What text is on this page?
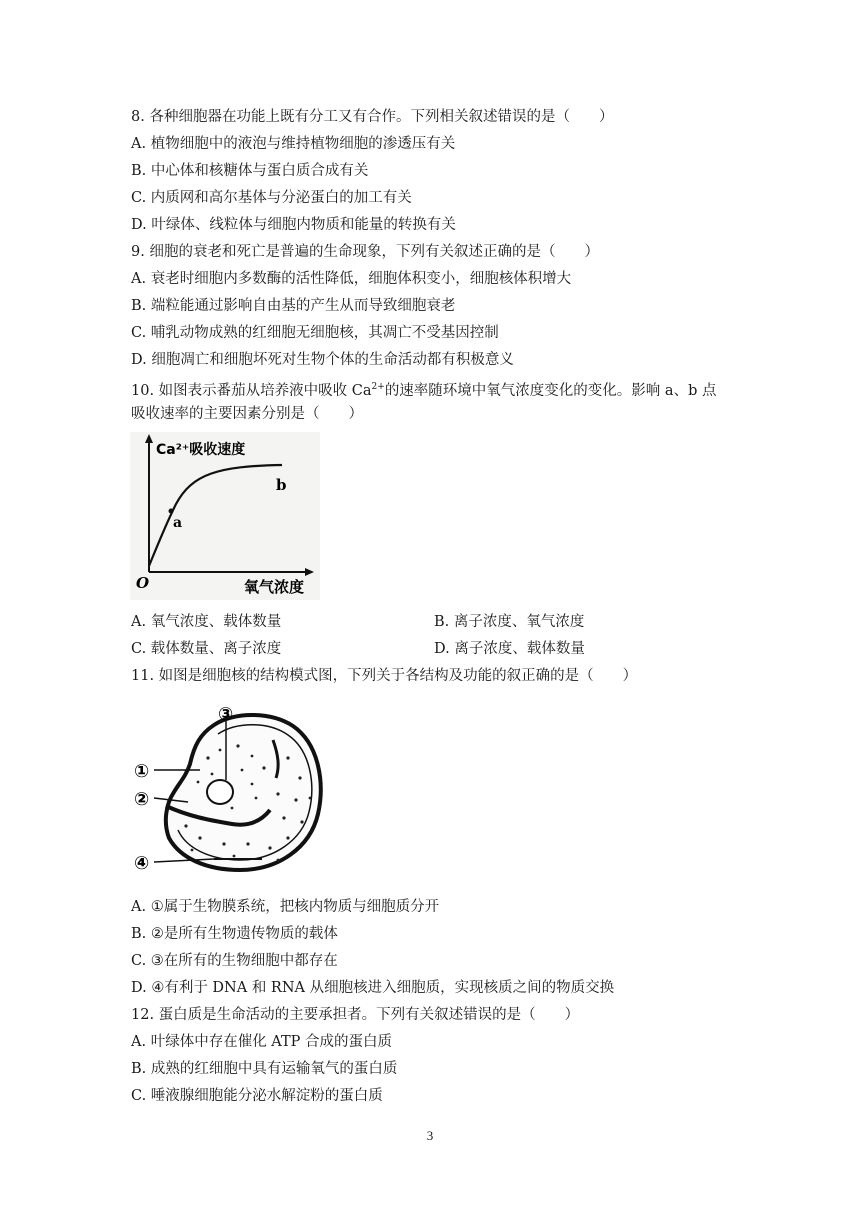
8. 各种细胞器在功能上既有分工又有合作。下列相关叙述错误的是（　　）
A. 植物细胞中的液泡与维持植物细胞的渗透压有关
B. 中心体和核糖体与蛋白质合成有关
C. 内质网和高尔基体与分泌蛋白的加工有关
D. 叶绿体、线粒体与细胞内物质和能量的转换有关
9. 细胞的衰老和死亡是普遍的生命现象，下列有关叙述正确的是（　　）
A. 衰老时细胞内多数酶的活性降低，细胞体积变小，细胞核体积增大
B. 端粒能通过影响自由基的产生从而导致细胞衰老
C. 哺乳动物成熟的红细胞无细胞核，其凋亡不受基因控制
D. 细胞凋亡和细胞坏死对生物个体的生命活动都有积极意义
10. 如图表示番茄从培养液中吸收 $Ca^{2+}$的速率随环境中氧气浓度变化的变化。影响 a、b 点
吸收速率的主要因素分别是（　　）
Ca²⁺吸收速度
氧气浓度
O
a
b
A. 氧气浓度、载体数量	B. 离子浓度、氧气浓度
C. 载体数量、离子浓度	D. 离子浓度、载体数量
11. 如图是细胞核的结构模式图，下列关于各结构及功能的叙正确的是（　　）
③
①
②
④
A. ①属于生物膜系统，把核内物质与细胞质分开
B. ②是所有生物遗传物质的载体
C. ③在所有的生物细胞中都存在
D. ④有利于 DNA 和 RNA 从细胞核进入细胞质，实现核质之间的物质交换
12. 蛋白质是生命活动的主要承担者。下列有关叙述错误的是（　　）
A. 叶绿体中存在催化 ATP 合成的蛋白质
B. 成熟的红细胞中具有运输氧气的蛋白质
C. 唾液腺细胞能分泌水解淀粉的蛋白质
3
